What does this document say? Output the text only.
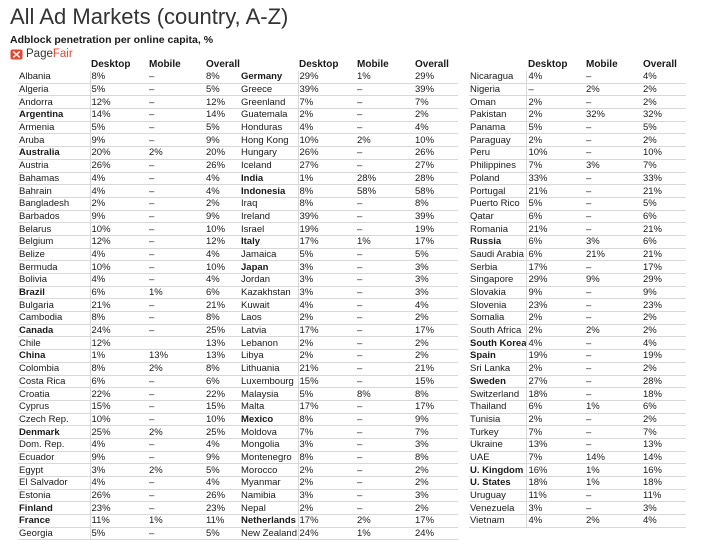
All Ad Markets (country, A-Z)
Adblock penetration per online capita, %
PageFair
	Desktop	Mobile	Overall
Albania	8%	–	8%
Algeria	5%	–	5%
Andorra	12%	–	12%
Argentina	14%	–	14%
Armenia	5%	–	5%
Aruba	9%	–	9%
Australia	20%	2%	20%
Austria	26%	–	26%
Bahamas	4%	–	4%
Bahrain	4%	–	4%
Bangladesh	2%	–	2%
Barbados	9%	–	9%
Belarus	10%	–	10%
Belgium	12%	–	12%
Belize	4%	–	4%
Bermuda	10%	–	10%
Bolivia	4%	–	4%
Brazil	6%	1%	6%
Bulgaria	21%	–	21%
Cambodia	8%	–	8%
Canada	24%	–	25%
Chile	12%		13%
China	1%	13%	13%
Colombia	8%	2%	8%
Costa Rica	6%	–	6%
Croatia	22%	–	22%
Cyprus	15%	–	15%
Czech Rep.	10%	–	10%
Denmark	25%	2%	25%
Dom. Rep.	4%	–	4%
Ecuador	9%	–	9%
Egypt	3%	2%	5%
El Salvador	4%	–	4%
Estonia	26%	–	26%
Finland	23%	–	23%
France	11%	1%	11%
Georgia	5%	–	5%
	Desktop	Mobile	Overall
Germany	29%	1%	29%
Greece	39%	–	39%
Greenland	7%	–	7%
Guatemala	2%	–	2%
Honduras	4%	–	4%
Hong Kong	10%	2%	10%
Hungary	26%	–	26%
Iceland	27%	–	27%
India	1%	28%	28%
Indonesia	8%	58%	58%
Iraq	8%	–	8%
Ireland	39%	–	39%
Israel	19%	–	19%
Italy	17%	1%	17%
Jamaica	5%	–	5%
Japan	3%	–	3%
Jordan	3%	–	3%
Kazakhstan	3%	–	3%
Kuwait	4%	–	4%
Laos	2%	–	2%
Latvia	17%	–	17%
Lebanon	2%	–	2%
Libya	2%	–	2%
Lithuania	21%	–	21%
Luxembourg	15%	–	15%
Malaysia	5%	8%	8%
Malta	17%	–	17%
Mexico	8%	–	9%
Moldova	7%	–	7%
Mongolia	3%	–	3%
Montenegro	8%	–	8%
Morocco	2%	–	2%
Myanmar	2%	–	2%
Namibia	3%	–	3%
Nepal	2%	–	2%
Netherlands	17%	2%	17%
New Zealand	24%	1%	24%
	Desktop	Mobile	Overall
Nicaragua	4%	–	4%
Nigeria	–	2%	2%
Oman	2%	–	2%
Pakistan	2%	32%	32%
Panama	5%	–	5%
Paraguay	2%	–	2%
Peru	10%	–	10%
Philippines	7%	3%	7%
Poland	33%	–	33%
Portugal	21%	–	21%
Puerto Rico	5%	–	5%
Qatar	6%	–	6%
Romania	21%	–	21%
Russia	6%	3%	6%
Saudi Arabia	6%	21%	21%
Serbia	17%	–	17%
Singapore	29%	9%	29%
Slovakia	9%	–	9%
Slovenia	23%	–	23%
Somalia	2%	–	2%
South Africa	2%	2%	2%
South Korea	4%	–	4%
Spain	19%	–	19%
Sri Lanka	2%	–	2%
Sweden	27%	–	28%
Switzerland	18%	–	18%
Thailand	6%	1%	6%
Tunisia	2%	–	2%
Turkey	7%	–	7%
Ukraine	13%	–	13%
UAE	7%	14%	14%
U. Kingdom	16%	1%	16%
U. States	18%	1%	18%
Uruguay	11%	–	11%
Venezuela	3%	–	3%
Vietnam	4%	2%	4%
